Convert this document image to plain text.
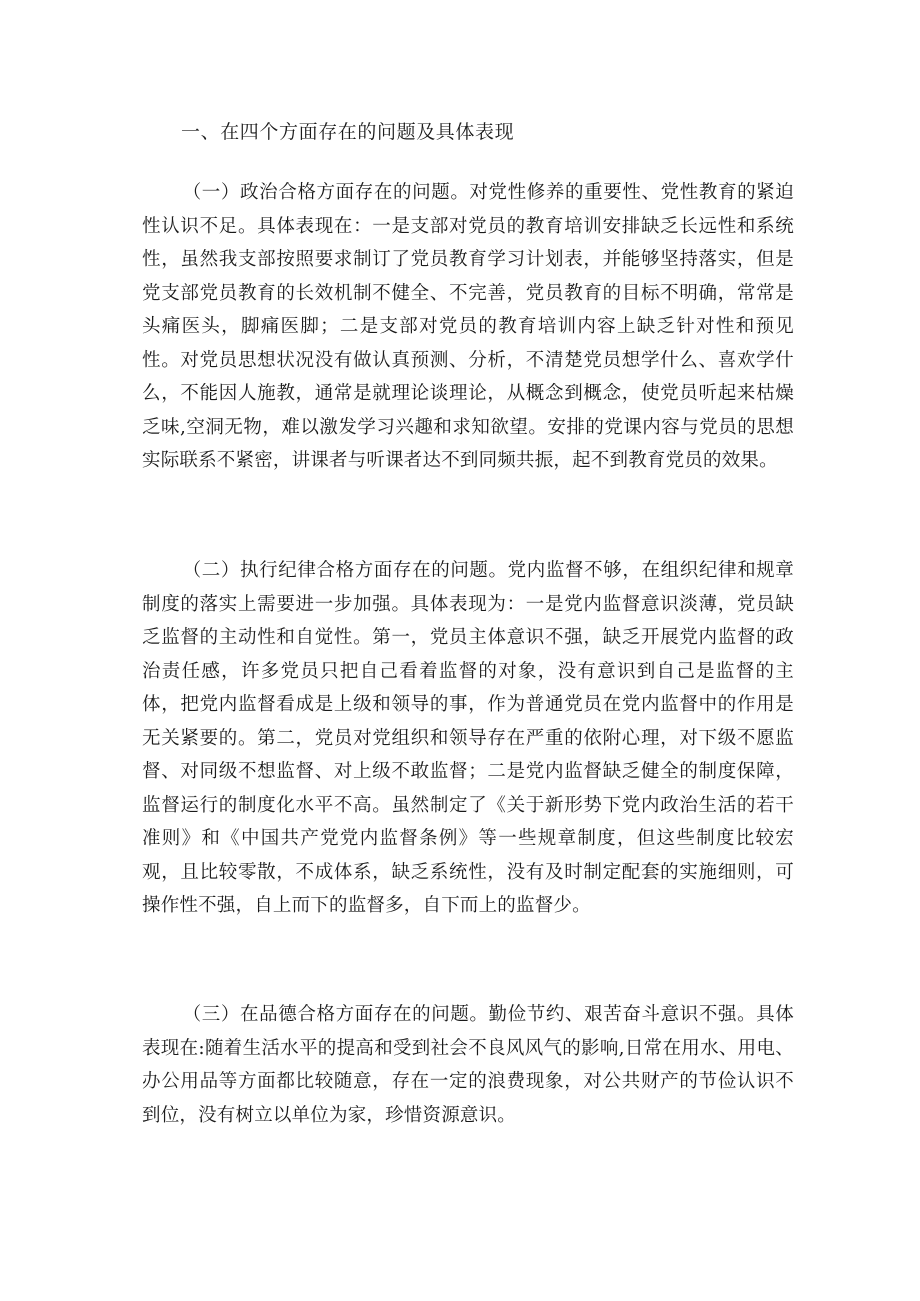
一、在四个方面存在的问题及具体表现

（一）政治合格方面存在的问题。对党性修养的重要性、党性教育的紧迫性认识不足。具体表现在：一是支部对党员的教育培训安排缺乏长远性和系统性，虽然我支部按照要求制订了党员教育学习计划表，并能够坚持落实，但是党支部党员教育的长效机制不健全、不完善，党员教育的目标不明确，常常是头痛医头，脚痛医脚；二是支部对党员的教育培训内容上缺乏针对性和预见性。对党员思想状况没有做认真预测、分析，不清楚党员想学什么、喜欢学什么，不能因人施教，通常是就理论谈理论，从概念到概念，使党员听起来枯燥乏味,空洞无物，难以激发学习兴趣和求知欲望。安排的党课内容与党员的思想实际联系不紧密，讲课者与听课者达不到同频共振，起不到教育党员的效果。

（二）执行纪律合格方面存在的问题。党内监督不够，在组织纪律和规章制度的落实上需要进一步加强。具体表现为：一是党内监督意识淡薄，党员缺乏监督的主动性和自觉性。第一，党员主体意识不强，缺乏开展党内监督的政治责任感，许多党员只把自己看着监督的对象，没有意识到自己是监督的主体，把党内监督看成是上级和领导的事，作为普通党员在党内监督中的作用是无关紧要的。第二，党员对党组织和领导存在严重的依附心理，对下级不愿监督、对同级不想监督、对上级不敢监督；二是党内监督缺乏健全的制度保障，监督运行的制度化水平不高。虽然制定了《关于新形势下党内政治生活的若干准则》和《中国共产党党内监督条例》等一些规章制度，但这些制度比较宏观，且比较零散，不成体系，缺乏系统性，没有及时制定配套的实施细则，可操作性不强，自上而下的监督多，自下而上的监督少。

（三）在品德合格方面存在的问题。勤俭节约、艰苦奋斗意识不强。具体表现在:随着生活水平的提高和受到社会不良风风气的影响,日常在用水、用电、办公用品等方面都比较随意，存在一定的浪费现象，对公共财产的节俭认识不到位，没有树立以单位为家，珍惜资源意识。
